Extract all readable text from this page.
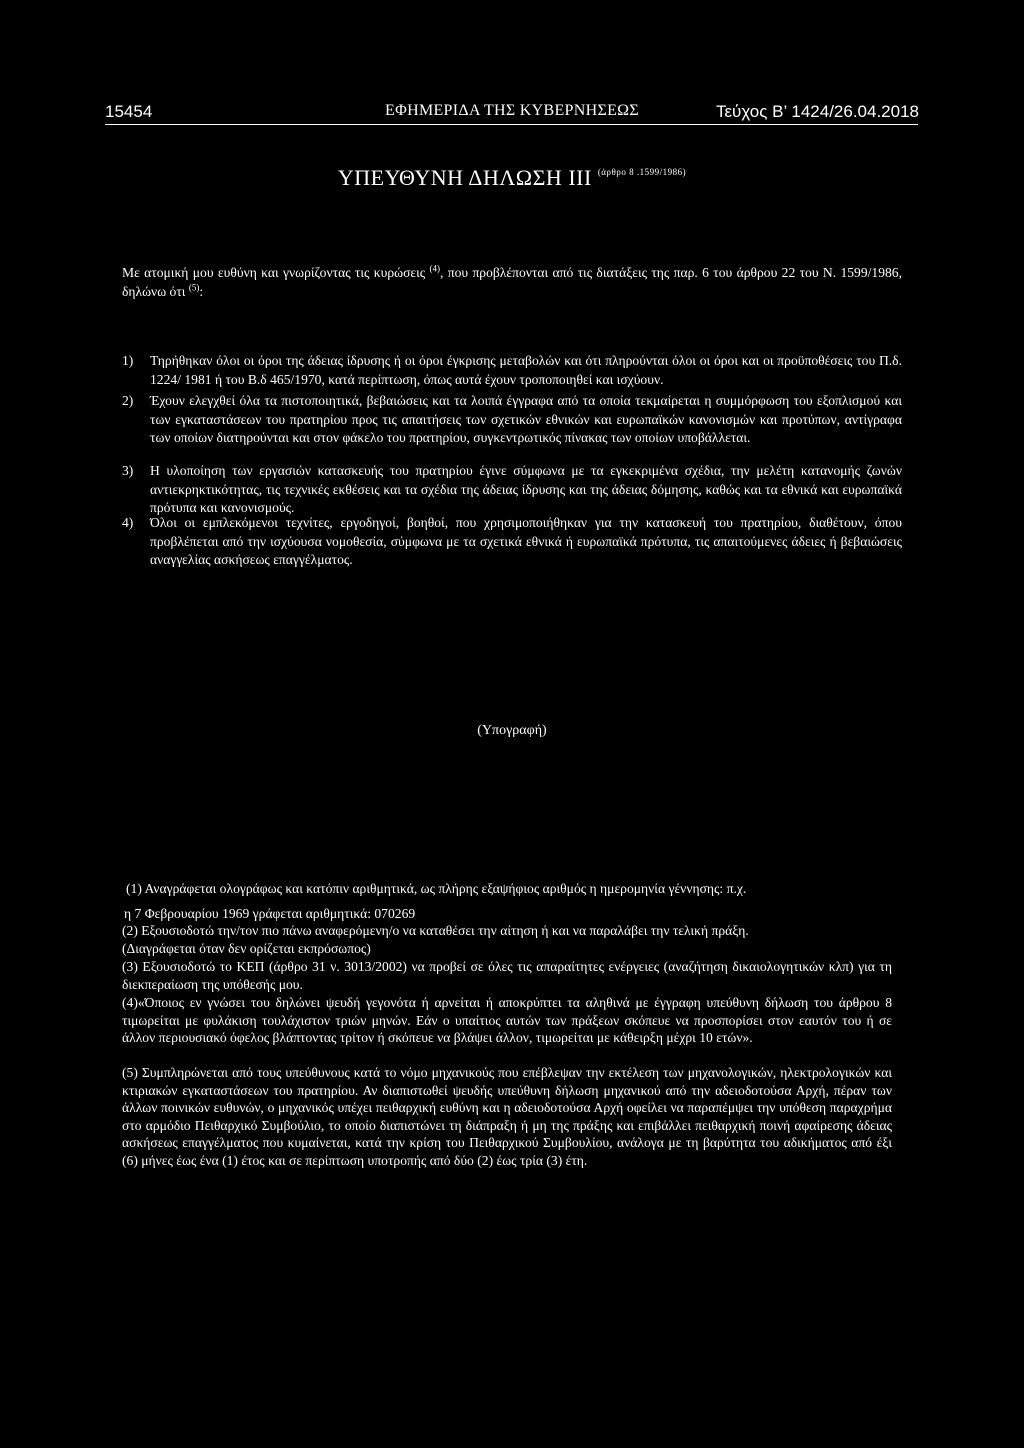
15454	ΕΦΗΜΕΡΙΔΑ ΤΗΣ ΚΥΒΕΡΝΗΣΕΩΣ	Τεύχος Β’ 1424/26.04.2018
ΥΠΕΥΘΥΝΗ ΔΗΛΩΣΗ ΙΙΙ $^{(ά\rho\theta\rho o 8 .1599/1986)}$
Με ατομική μου ευθύνη και γνωρίζοντας τις κυρώσεις $^{(4)}$, που προβλέπονται από τις διατάξεις της παρ. 6 του άρθρου 22 του Ν. 1599/1986, δηλώνω ότι $^{(5)}$:
1) Τηρήθηκαν όλοι οι όροι της άδειας ίδρυσης ή οι όροι έγκρισης μεταβολών και ότι πληρούνται όλοι οι όροι και οι προϋποθέσεις του Π.δ. 1224/ 1981 ή του Β.δ 465/1970, κατά περίπτωση, όπως αυτά έχουν τροποποιηθεί και ισχύουν.
2) Έχουν ελεγχθεί όλα τα πιστοποιητικά, βεβαιώσεις και τα λοιπά έγγραφα από τα οποία τεκμαίρεται η συμμόρφωση του εξοπλισμού και των εγκαταστάσεων του πρατηρίου προς τις απαιτήσεις των σχετικών εθνικών και ευρωπαϊκών κανονισμών και προτύπων, αντίγραφα των οποίων διατηρούνται και στον φάκελο του πρατηρίου, συγκεντρωτικός πίνακας των οποίων υποβάλλεται.
3) Η υλοποίηση των εργασιών κατασκευής του πρατηρίου έγινε σύμφωνα με τα εγκεκριμένα σχέδια, την μελέτη κατανομής ζωνών αντιεκρηκτικότητας, τις τεχνικές εκθέσεις και τα σχέδια της άδειας ίδρυσης και της άδειας δόμησης, καθώς και τα εθνικά και ευρωπαϊκά πρότυπα και κανονισμούς.
4) Όλοι οι εμπλεκόμενοι τεχνίτες, εργοδηγοί, βοηθοί, που χρησιμοποιήθηκαν για την κατασκευή του πρατηρίου, διαθέτουν, όπου προβλέπεται από την ισχύουσα νομοθεσία, σύμφωνα με τα σχετικά εθνικά ή ευρωπαϊκά πρότυπα, τις απαιτούμενες άδειες ή βεβαιώσεις αναγγελίας ασκήσεως επαγγέλματος.
(Υπογραφή)
(1) Αναγράφεται ολογράφως και κατόπιν αριθμητικά, ως πλήρης εξαψήφιος αριθμός η ημερομηνία γέννησης: π.χ.
η 7 Φεβρουαρίου 1969 γράφεται αριθμητικά: 070269
(2) Εξουσιοδοτώ την/τον πιο πάνω αναφερόμενη/ο να καταθέσει την αίτηση ή και να παραλάβει την τελική πράξη.
(Διαγράφεται όταν δεν ορίζεται εκπρόσωπος)
(3) Εξουσιοδοτώ το ΚΕΠ (άρθρο 31 ν. 3013/2002) να προβεί σε όλες τις απαραίτητες ενέργειες (αναζήτηση δικαιολογητικών κλπ) για τη διεκπεραίωση της υπόθεσής μου.
(4)«Όποιος εν γνώσει του δηλώνει ψευδή γεγονότα ή αρνείται ή αποκρύπτει τα αληθινά με έγγραφη υπεύθυνη δήλωση του άρθρου 8 τιμωρείται με φυλάκιση τουλάχιστον τριών μηνών. Εάν ο υπαίτιος αυτών των πράξεων σκόπευε να προσπορίσει στον εαυτόν του ή σε άλλον περιουσιακό όφελος βλάπτοντας τρίτον ή σκόπευε να βλάψει άλλον, τιμωρείται με κάθειρξη μέχρι 10 ετών».
(5) Συμπληρώνεται από τους υπεύθυνους κατά το νόμο μηχανικούς που επέβλεψαν την εκτέλεση των μηχανολογικών, ηλεκτρολογικών και κτιριακών εγκαταστάσεων του πρατηρίου. Αν διαπιστωθεί ψευδής υπεύθυνη δήλωση μηχανικού από την αδειοδοτούσα Αρχή, πέραν των άλλων ποινικών ευθυνών, ο μηχανικός υπέχει πειθαρχική ευθύνη και η αδειοδοτούσα Αρχή οφείλει να παραπέμψει την υπόθεση παραχρήμα στο αρμόδιο Πειθαρχικό Συμβούλιο, το οποίο διαπιστώνει τη διάπραξη ή μη της πράξης και επιβάλλει πειθαρχική ποινή αφαίρεσης άδειας ασκήσεως επαγγέλματος που κυμαίνεται, κατά την κρίση του Πειθαρχικού Συμβουλίου, ανάλογα με τη βαρύτητα του αδικήματος από έξι (6) μήνες έως ένα (1) έτος και σε περίπτωση υποτροπής από δύο (2) έως τρία (3) έτη.
